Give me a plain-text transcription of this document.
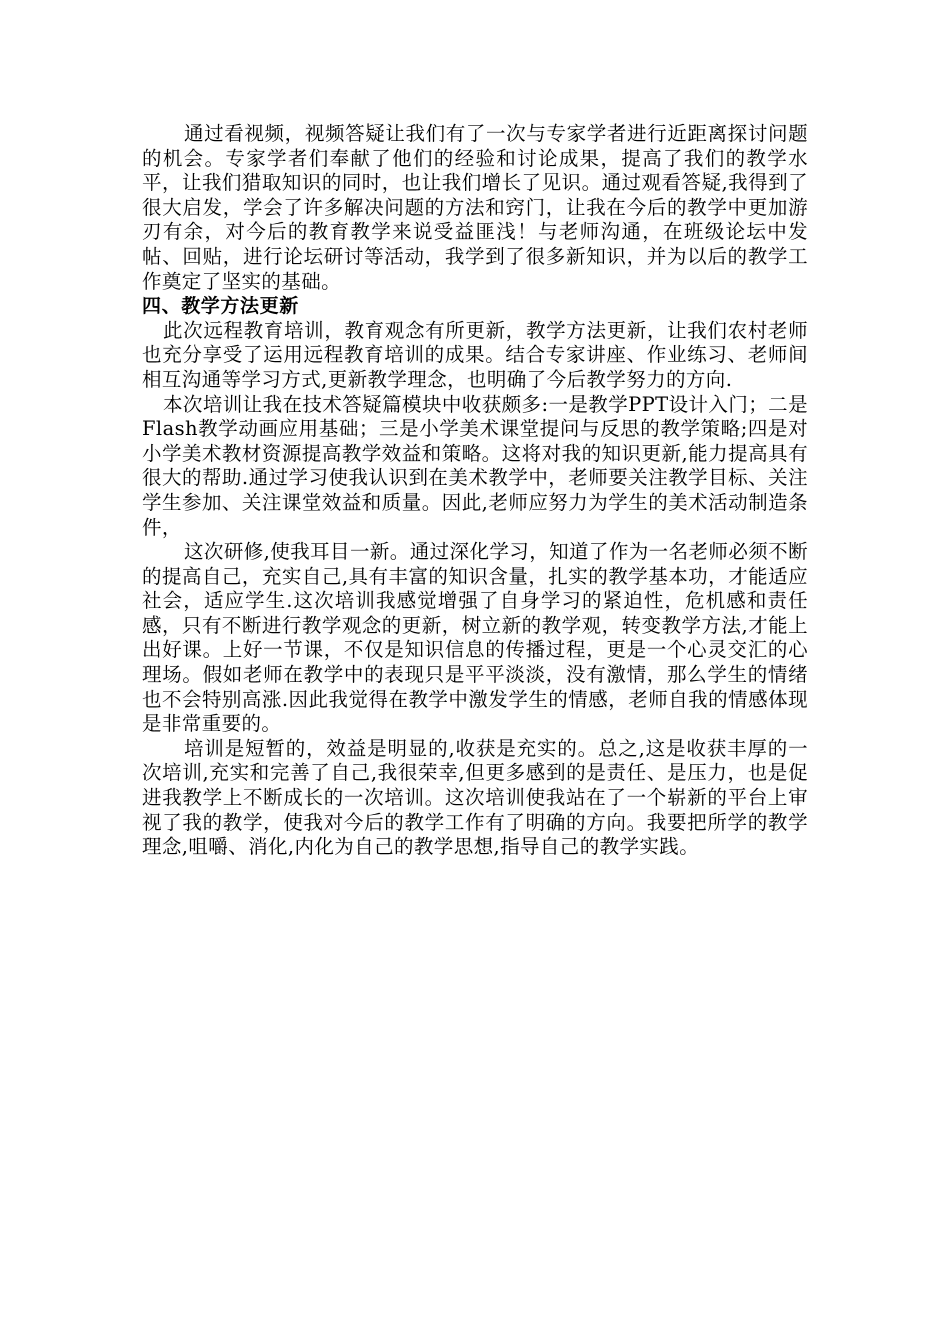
通过看视频，视频答疑让我们有了一次与专家学者进行近距离探讨问题的机会。专家学者们奉献了他们的经验和讨论成果，提高了我们的教学水平，让我们猎取知识的同时，也让我们增长了见识。通过观看答疑,我得到了很大启发，学会了许多解决问题的方法和窍门，让我在今后的教学中更加游刃有余，对今后的教育教学来说受益匪浅！与老师沟通，在班级论坛中发帖、回贴，进行论坛研讨等活动，我学到了很多新知识，并为以后的教学工作奠定了坚实的基础。

四、教学方法更新

此次远程教育培训，教育观念有所更新，教学方法更新，让我们农村老师也充分享受了运用远程教育培训的成果。结合专家讲座、作业练习、老师间相互沟通等学习方式,更新教学理念，也明确了今后教学努力的方向.

本次培训让我在技术答疑篇模块中收获颇多:一是教学PPT设计入门；二是Flash教学动画应用基础；三是小学美术课堂提问与反思的教学策略;四是对小学美术教材资源提高教学效益和策略。这将对我的知识更新,能力提高具有很大的帮助.通过学习使我认识到在美术教学中，老师要关注教学目标、关注学生参加、关注课堂效益和质量。因此,老师应努力为学生的美术活动制造条件，

这次研修,使我耳目一新。通过深化学习，知道了作为一名老师必须不断的提高自己，充实自己,具有丰富的知识含量，扎实的教学基本功，才能适应社会，适应学生.这次培训我感觉增强了自身学习的紧迫性，危机感和责任感，只有不断进行教学观念的更新，树立新的教学观，转变教学方法,才能上出好课。上好一节课，不仅是知识信息的传播过程，更是一个心灵交汇的心理场。假如老师在教学中的表现只是平平淡淡，没有激情，那么学生的情绪也不会特别高涨.因此我觉得在教学中激发学生的情感，老师自我的情感体现是非常重要的。

培训是短暂的，效益是明显的,收获是充实的。总之,这是收获丰厚的一次培训,充实和完善了自己,我很荣幸,但更多感到的是责任、是压力，也是促进我教学上不断成长的一次培训。这次培训使我站在了一个崭新的平台上审视了我的教学，使我对今后的教学工作有了明确的方向。我要把所学的教学理念,咀嚼、消化,内化为自己的教学思想,指导自己的教学实践。
